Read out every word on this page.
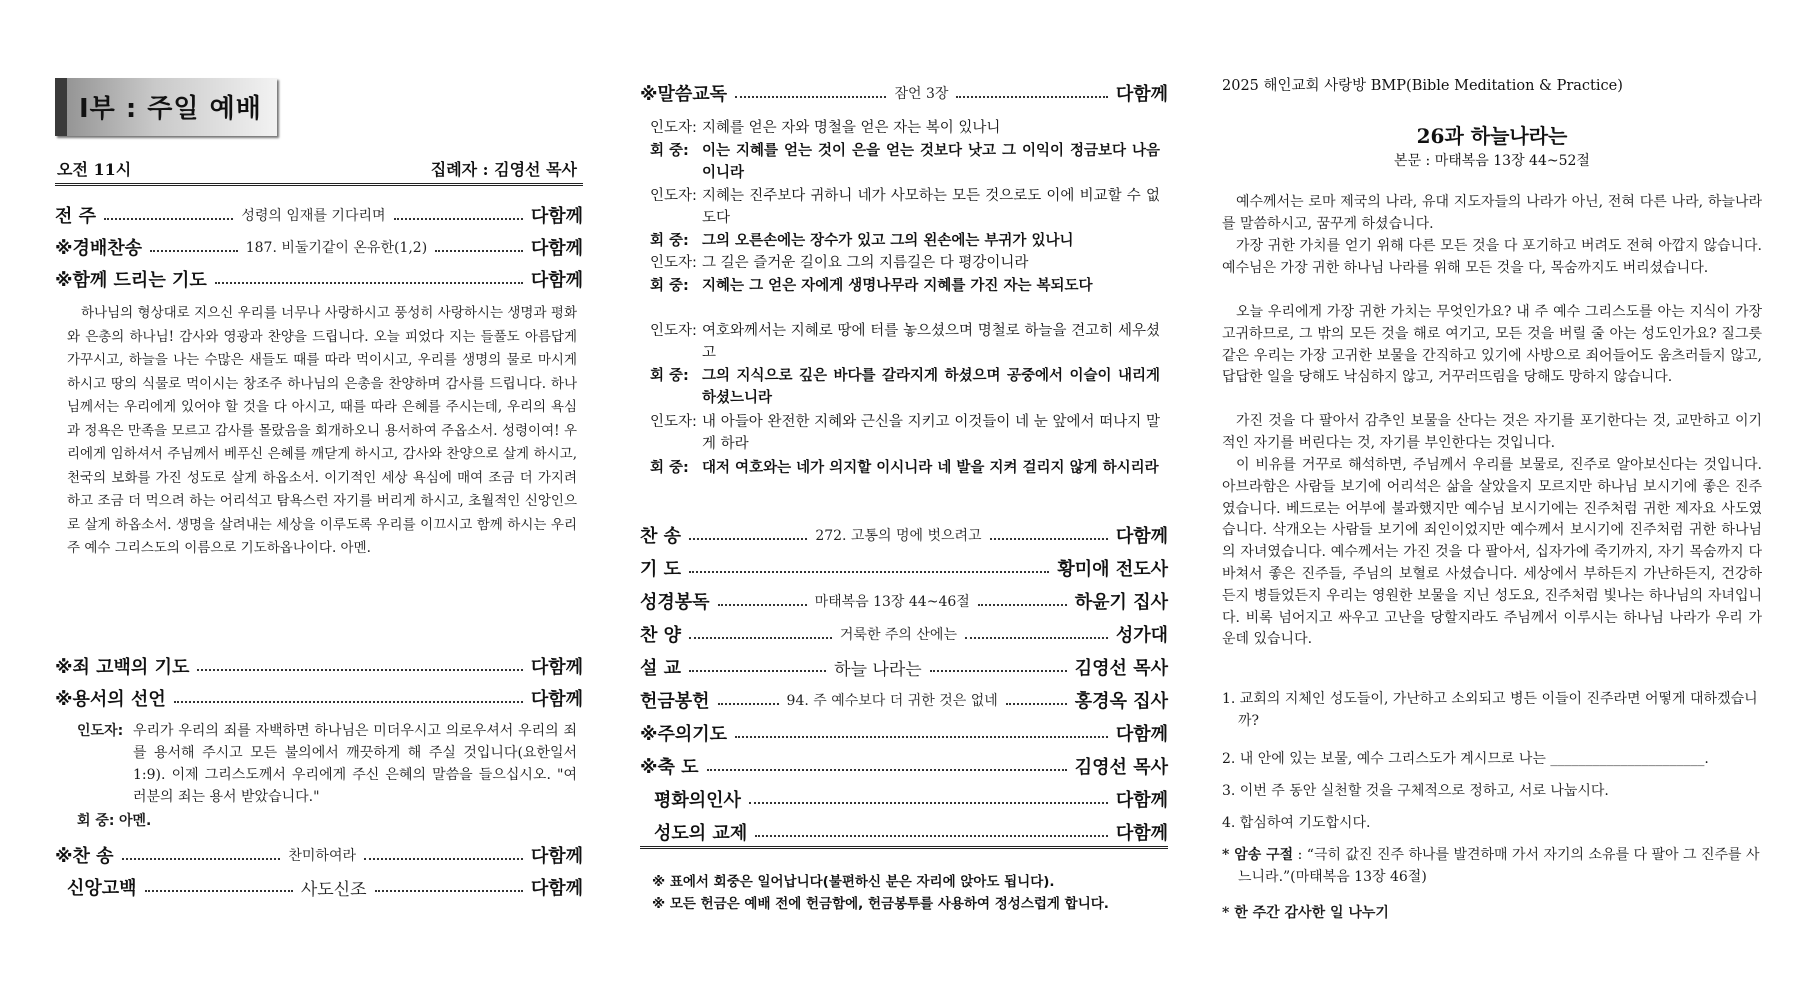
I부 : 주일 예배
오전 11시	집례자 : 김영선 목사
전 주	성령의 임재를 기다리며	다함께
※경배찬송	187. 비둘기같이 온유한(1,2)	다함께
※함께 드리는 기도	다함께
하나님의 형상대로 지으신 우리를 너무나 사랑하시고 풍성히 사랑하시는 생명과 평화와 은총의 하나님! 감사와 영광과 찬양을 드립니다. 오늘 피었다 지는 들풀도 아름답게 가꾸시고, 하늘을 나는 수많은 새들도 때를 따라 먹이시고, 우리를 생명의 물로 마시게 하시고 땅의 식물로 먹이시는 창조주 하나님의 은총을 찬양하며 감사를 드립니다. 하나님께서는 우리에게 있어야 할 것을 다 아시고, 때를 따라 은혜를 주시는데, 우리의 욕심과 정욕은 만족을 모르고 감사를 몰랐음을 회개하오니 용서하여 주옵소서. 성령이여! 우리에게 임하셔서 주님께서 베푸신 은혜를 깨닫게 하시고, 감사와 찬양으로 살게 하시고, 천국의 보화를 가진 성도로 살게 하옵소서. 이기적인 세상 욕심에 매여 조금 더 가지려 하고 조금 더 먹으려 하는 어리석고 탐욕스런 자기를 버리게 하시고, 초월적인 신앙인으로 살게 하옵소서. 생명을 살려내는 세상을 이루도록 우리를 이끄시고 함께 하시는 우리 주 예수 그리스도의 이름으로 기도하옵나이다. 아멘.
※죄 고백의 기도	다함께
※용서의 선언	다함께
인도자: 우리가 우리의 죄를 자백하면 하나님은 미더우시고 의로우셔서 우리의 죄를 용서해 주시고 모든 불의에서 깨끗하게 해 주실 것입니다(요한일서 1:9). 이제 그리스도께서 우리에게 주신 은혜의 말씀을 들으십시오. "여러분의 죄는 용서 받았습니다."
회 중: 아멘.
※찬 송	찬미하여라	다함께
신앙고백	사도신조	다함께
※말씀교독	잠언 3장	다함께
인도자: 지혜를 얻은 자와 명철을 얻은 자는 복이 있나니
회 중: 이는 지혜를 얻는 것이 은을 얻는 것보다 낫고 그 이익이 정금보다 나음이니라
인도자: 지혜는 진주보다 귀하니 네가 사모하는 모든 것으로도 이에 비교할 수 없도다
회 중: 그의 오른손에는 장수가 있고 그의 왼손에는 부귀가 있나니
인도자: 그 길은 즐거운 길이요 그의 지름길은 다 평강이니라
회 중: 지혜는 그 얻은 자에게 생명나무라 지혜를 가진 자는 복되도다
인도자: 여호와께서는 지혜로 땅에 터를 놓으셨으며 명철로 하늘을 견고히 세우셨고
회 중: 그의 지식으로 깊은 바다를 갈라지게 하셨으며 공중에서 이슬이 내리게 하셨느니라
인도자: 내 아들아 완전한 지혜와 근신을 지키고 이것들이 네 눈 앞에서 떠나지 말게 하라
회 중: 대저 여호와는 네가 의지할 이시니라 네 발을 지켜 걸리지 않게 하시리라
찬 송	272. 고통의 멍에 벗으려고	다함께
기 도	황미애 전도사
성경봉독	마태복음 13장 44~46절	하윤기 집사
찬 양	거룩한 주의 산에는	성가대
설 교	하늘 나라는	김영선 목사
헌금봉헌	94. 주 예수보다 더 귀한 것은 없네	홍경옥 집사
※주의기도	다함께
※축 도	김영선 목사
평화의인사	다함께
성도의 교제	다함께
※ 표에서 회중은 일어납니다(불편하신 분은 자리에 앉아도 됩니다).
※ 모든 헌금은 예배 전에 헌금함에, 헌금봉투를 사용하여 정성스럽게 합니다.
2025 해인교회 사랑방 BMP(Bible Meditation & Practice)
26과 하늘나라는
본문 : 마태복음 13장 44~52절
예수께서는 로마 제국의 나라, 유대 지도자들의 나라가 아닌, 전혀 다른 나라, 하늘나라를 말씀하시고, 꿈꾸게 하셨습니다.
가장 귀한 가치를 얻기 위해 다른 모든 것을 다 포기하고 버려도 전혀 아깝지 않습니다. 예수님은 가장 귀한 하나님 나라를 위해 모든 것을 다, 목숨까지도 버리셨습니다.
오늘 우리에게 가장 귀한 가치는 무엇인가요? 내 주 예수 그리스도를 아는 지식이 가장 고귀하므로, 그 밖의 모든 것을 해로 여기고, 모든 것을 버릴 줄 아는 성도인가요? 질그릇 같은 우리는 가장 고귀한 보물을 간직하고 있기에 사방으로 죄어들어도 움츠러들지 않고, 답답한 일을 당해도 낙심하지 않고, 거꾸러뜨림을 당해도 망하지 않습니다.
가진 것을 다 팔아서 감추인 보물을 산다는 것은 자기를 포기한다는 것, 교만하고 이기적인 자기를 버린다는 것, 자기를 부인한다는 것입니다.
이 비유를 거꾸로 해석하면, 주님께서 우리를 보물로, 진주로 알아보신다는 것입니다. 아브라함은 사람들 보기에 어리석은 삶을 살았을지 모르지만 하나님 보시기에 좋은 진주였습니다. 베드로는 어부에 불과했지만 예수님 보시기에는 진주처럼 귀한 제자요 사도였습니다. 삭개오는 사람들 보기에 죄인이었지만 예수께서 보시기에 진주처럼 귀한 하나님의 자녀였습니다. 예수께서는 가진 것을 다 팔아서, 십자가에 죽기까지, 자기 목숨까지 다 바쳐서 좋은 진주들, 주님의 보혈로 사셨습니다. 세상에서 부하든지 가난하든지, 건강하든지 병들었든지 우리는 영원한 보물을 지닌 성도요, 진주처럼 빛나는 하나님의 자녀입니다. 비록 넘어지고 싸우고 고난을 당할지라도 주님께서 이루시는 하나님 나라가 우리 가운데 있습니다.
1. 교회의 지체인 성도들이, 가난하고 소외되고 병든 이들이 진주라면 어떻게 대하겠습니까?
2. 내 안에 있는 보물, 예수 그리스도가 계시므로 나는 ______________________.
3. 이번 주 동안 실천할 것을 구체적으로 정하고, 서로 나눕시다.
4. 합심하여 기도합시다.
* 암송 구절 : “극히 값진 진주 하나를 발견하매 가서 자기의 소유를 다 팔아 그 진주를 사느니라.”(마태복음 13장 46절)
* 한 주간 감사한 일 나누기
